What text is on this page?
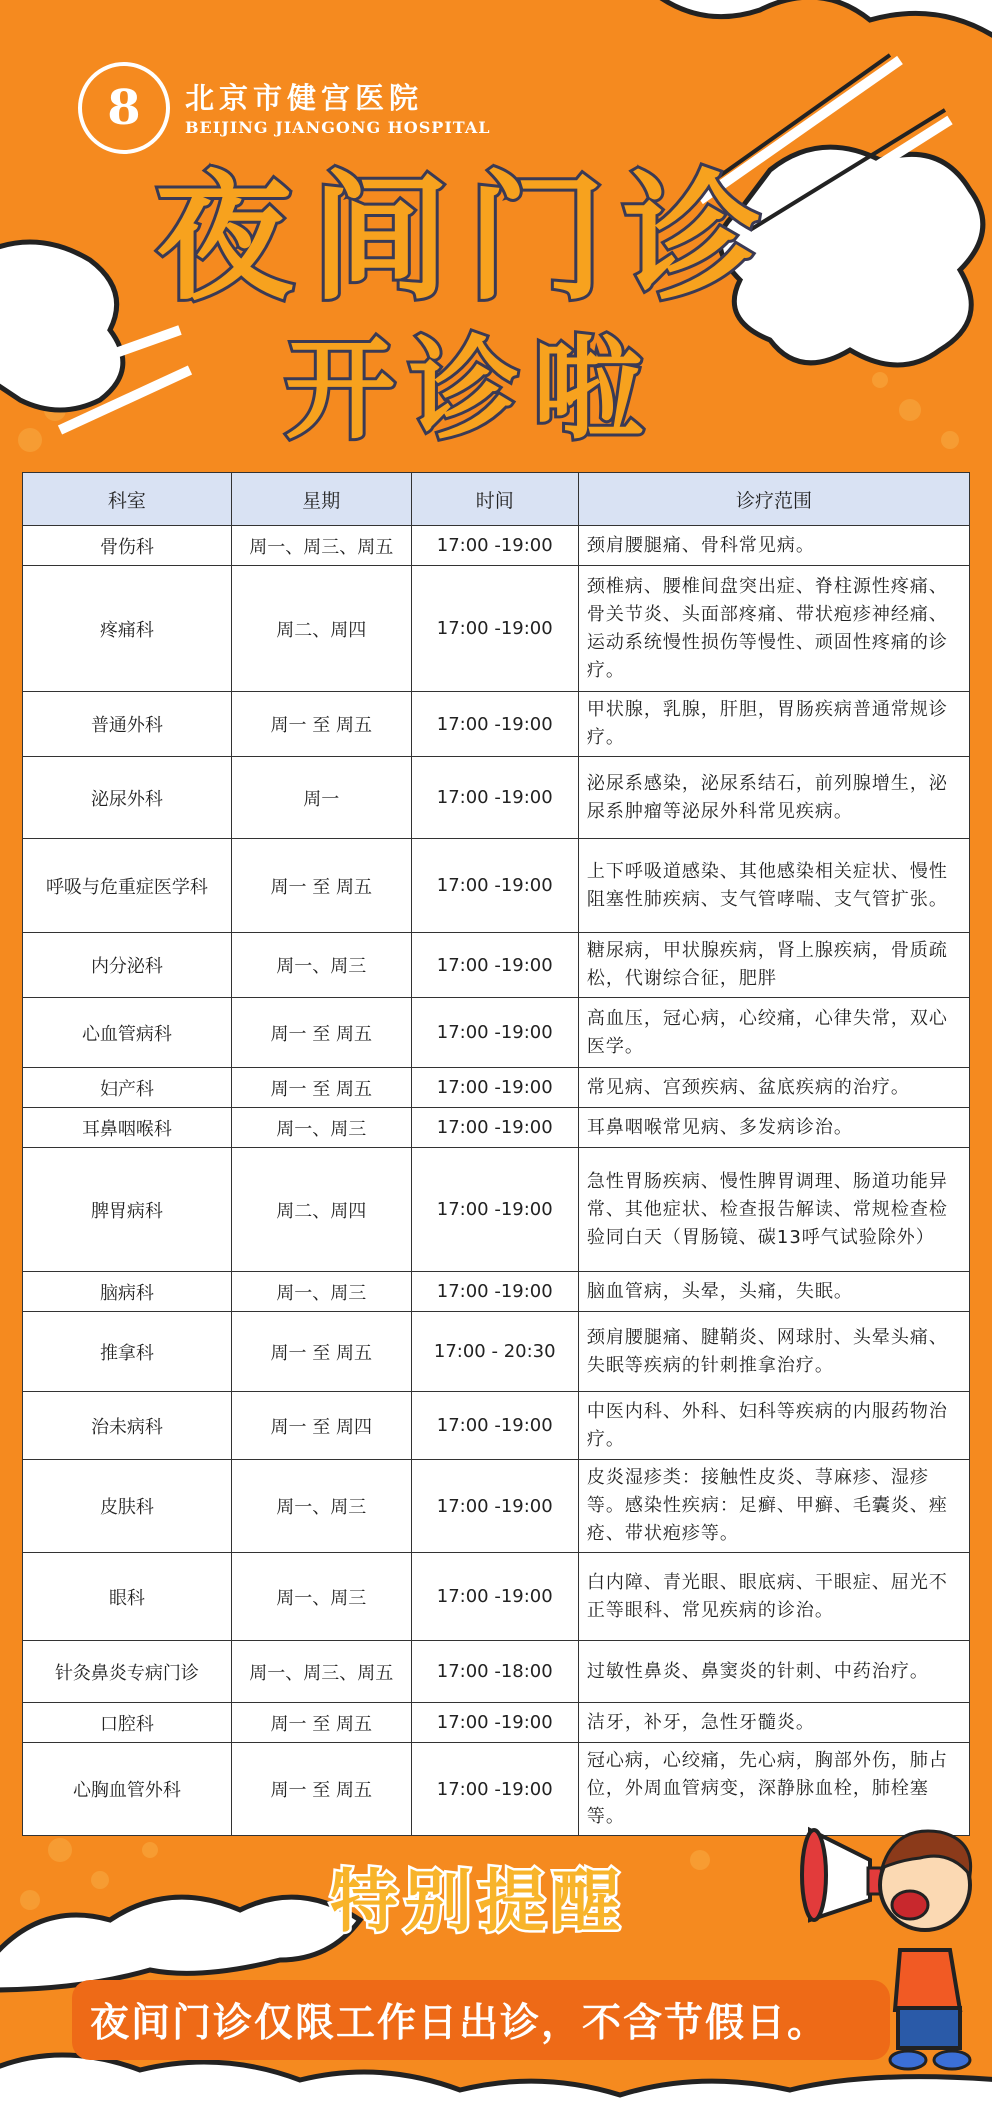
8 北京市健宫医院
BEIJING JIANGONG HOSPITAL
夜间门诊
开诊啦
科室	星期	时间	诊疗范围
骨伤科	周一、周三、周五	17:00 -19:00	颈肩腰腿痛、骨科常见病。
疼痛科	周二、周四	17:00 -19:00	颈椎病、腰椎间盘突出症、脊柱源性疼痛、骨关节炎、头面部疼痛、带状疱疹神经痛、运动系统慢性损伤等慢性、顽固性疼痛的诊疗。
普通外科	周一 至 周五	17:00 -19:00	甲状腺，乳腺，肝胆，胃肠疾病普通常规诊疗。
泌尿外科	周一	17:00 -19:00	泌尿系感染，泌尿系结石，前列腺增生，泌尿系肿瘤等泌尿外科常见疾病。
呼吸与危重症医学科	周一 至 周五	17:00 -19:00	上下呼吸道感染、其他感染相关症状、慢性阻塞性肺疾病、支气管哮喘、支气管扩张。
内分泌科	周一、周三	17:00 -19:00	糖尿病，甲状腺疾病，肾上腺疾病，骨质疏松，代谢综合征，肥胖
心血管病科	周一 至 周五	17:00 -19:00	高血压，冠心病，心绞痛，心律失常，双心医学。
妇产科	周一 至 周五	17:00 -19:00	常见病、宫颈疾病、盆底疾病的治疗。
耳鼻咽喉科	周一、周三	17:00 -19:00	耳鼻咽喉常见病、多发病诊治。
脾胃病科	周二、周四	17:00 -19:00	急性胃肠疾病、慢性脾胃调理、肠道功能异常、其他症状、检查报告解读、常规检查检验同白天（胃肠镜、碳13呼气试验除外）
脑病科	周一、周三	17:00 -19:00	脑血管病，头晕，头痛，失眠。
推拿科	周一 至 周五	17:00 - 20:30	颈肩腰腿痛、腱鞘炎、网球肘、头晕头痛、失眠等疾病的针刺推拿治疗。
治未病科	周一 至 周四	17:00 -19:00	中医内科、外科、妇科等疾病的内服药物治疗。
皮肤科	周一、周三	17:00 -19:00	皮炎湿疹类：接触性皮炎、荨麻疹、湿疹等。感染性疾病：足癣、甲癣、毛囊炎、痤疮、带状疱疹等。
眼科	周一、周三	17:00 -19:00	白内障、青光眼、眼底病、干眼症、屈光不正等眼科、常见疾病的诊治。
针灸鼻炎专病门诊	周一、周三、周五	17:00 -18:00	过敏性鼻炎、鼻窦炎的针刺、中药治疗。
口腔科	周一 至 周五	17:00 -19:00	洁牙，补牙，急性牙髓炎。
心胸血管外科	周一 至 周五	17:00 -19:00	冠心病，心绞痛，先心病，胸部外伤，肺占位，外周血管病变，深静脉血栓，肺栓塞等。
特别提醒
夜间门诊仅限工作日出诊，不含节假日。
